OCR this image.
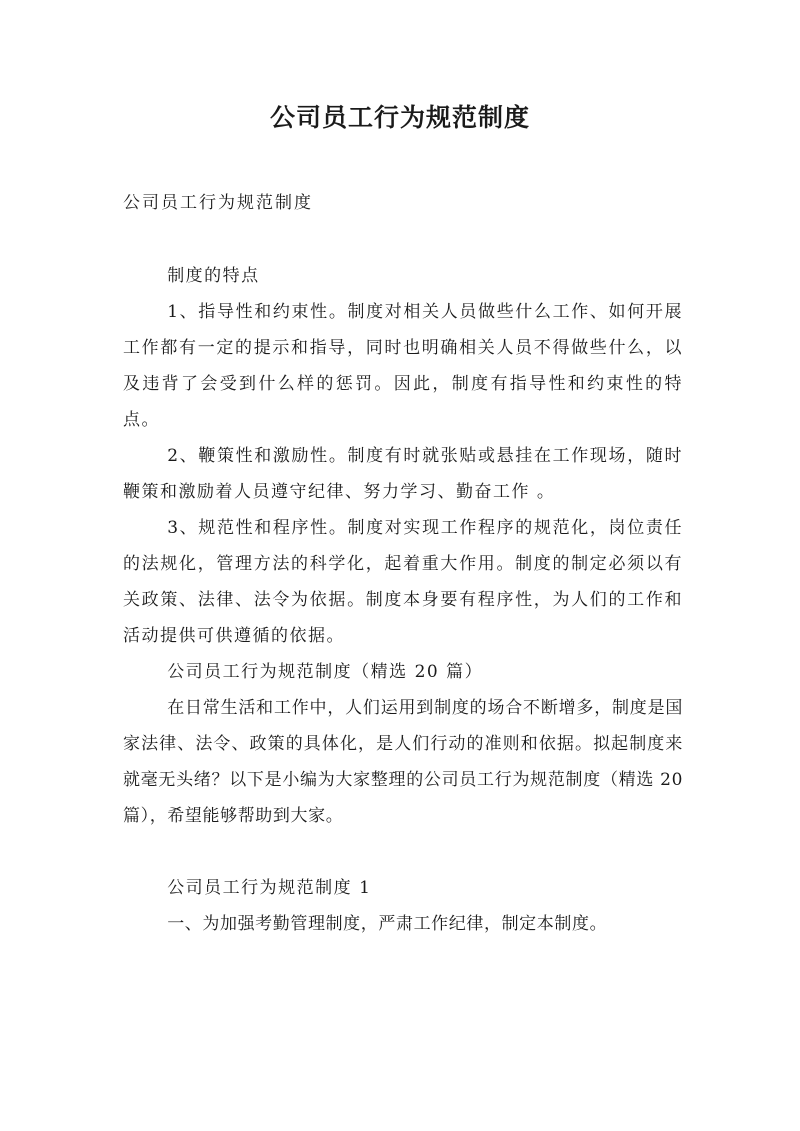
公司员工行为规范制度
公司员工行为规范制度

制度的特点

1、指导性和约束性。制度对相关人员做些什么工作、如何开展工作都有一定的提示和指导，同时也明确相关人员不得做些什么，以及违背了会受到什么样的惩罚。因此，制度有指导性和约束性的特点。

2、鞭策性和激励性。制度有时就张贴或悬挂在工作现场，随时鞭策和激励着人员遵守纪律、努力学习、勤奋工作 。

3、规范性和程序性。制度对实现工作程序的规范化，岗位责任的法规化，管理方法的科学化，起着重大作用。制度的制定必须以有关政策、法律、法令为依据。制度本身要有程序性，为人们的工作和活动提供可供遵循的依据。

公司员工行为规范制度（精选 20 篇）

在日常生活和工作中，人们运用到制度的场合不断增多，制度是国家法律、法令、政策的具体化，是人们行动的准则和依据。拟起制度来就毫无头绪？以下是小编为大家整理的公司员工行为规范制度（精选 20 篇），希望能够帮助到大家。

公司员工行为规范制度 1

一、为加强考勤管理制度，严肃工作纪律，制定本制度。
